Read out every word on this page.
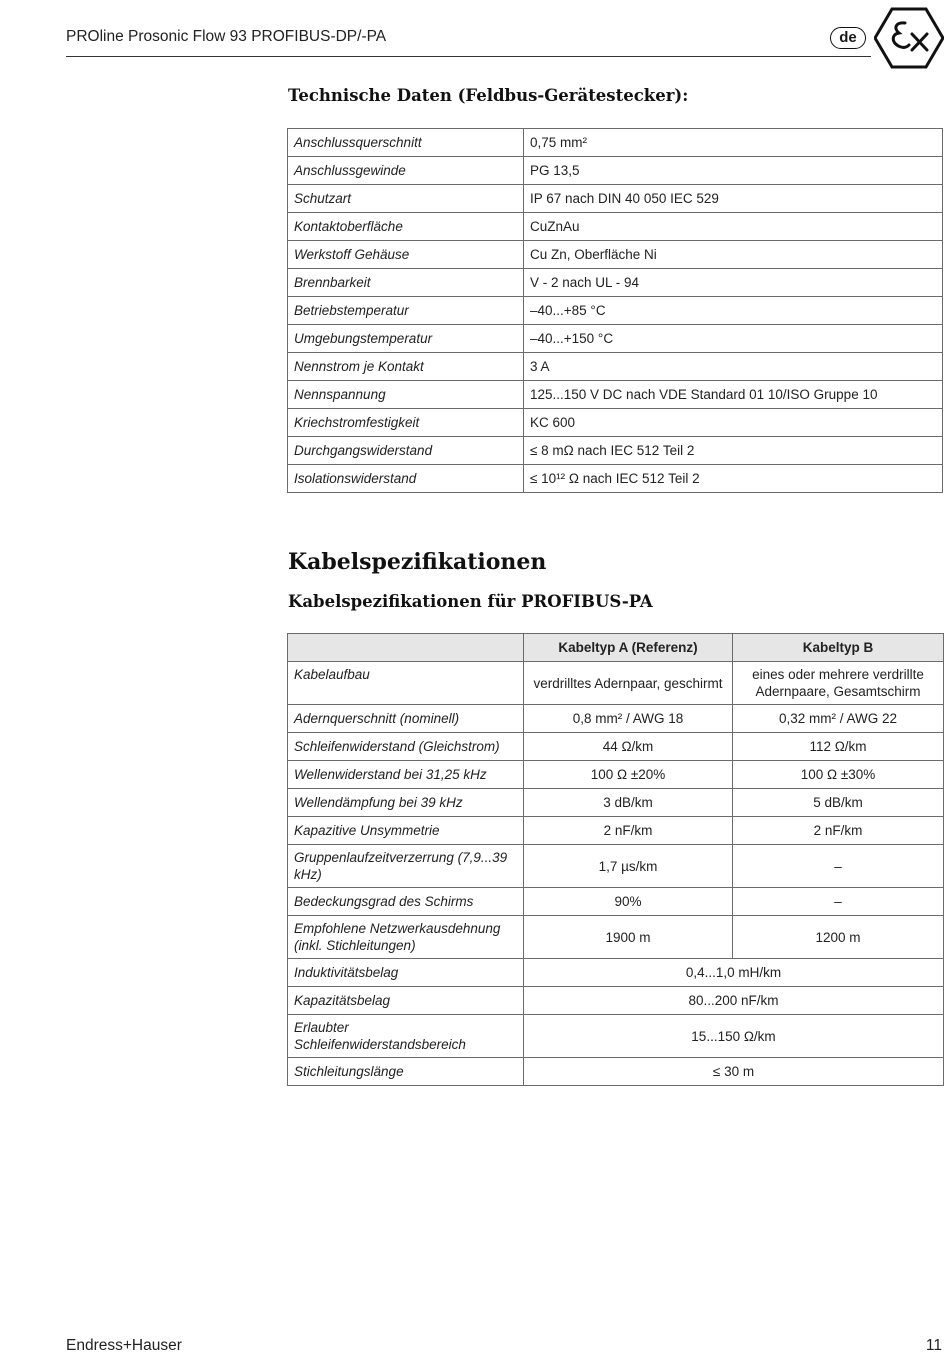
PROline Prosonic Flow 93 PROFIBUS-DP/-PA	de
Technische Daten (Feldbus-Gerätestecker):
Anschlussquerschnitt	0,75 mm²
Anschlussgewinde	PG 13,5
Schutzart	IP 67 nach DIN 40 050 IEC 529
Kontaktoberfläche	CuZnAu
Werkstoff Gehäuse	Cu Zn, Oberfläche Ni
Brennbarkeit	V - 2 nach UL - 94
Betriebstemperatur	–40...+85 °C
Umgebungstemperatur	–40...+150 °C
Nennstrom je Kontakt	3 A
Nennspannung	125...150 V DC nach VDE Standard 01 10/ISO Gruppe 10
Kriechstromfestigkeit	KC 600
Durchgangswiderstand	≤ 8 mΩ nach IEC 512 Teil 2
Isolationswiderstand	≤ 10¹² Ω nach IEC 512 Teil 2
Kabelspezifikationen
Kabelspezifikationen für PROFIBUS-PA
	Kabeltyp A (Referenz)	Kabeltyp B
Kabelaufbau	verdrilltes Adernpaar, geschirmt	eines oder mehrere verdrillte Adernpaare, Gesamtschirm
Adernquerschnitt (nominell)	0,8 mm² / AWG 18	0,32 mm² / AWG 22
Schleifenwiderstand (Gleichstrom)	44 Ω/km	112 Ω/km
Wellenwiderstand bei 31,25 kHz	100 Ω ±20%	100 Ω ±30%
Wellendämpfung bei 39 kHz	3 dB/km	5 dB/km
Kapazitive Unsymmetrie	2 nF/km	2 nF/km
Gruppenlaufzeitverzerrung (7,9...39 kHz)	1,7 µs/km	–
Bedeckungsgrad des Schirms	90%	–
Empfohlene Netzwerkausdehnung (inkl. Stichleitungen)	1900 m	1200 m
Induktivitätsbelag	0,4...1,0 mH/km	
Kapazitätsbelag	80...200 nF/km	
Erlaubter Schleifenwiderstandsbereich	15...150 Ω/km	
Stichleitungslänge	≤ 30 m	
Endress+Hauser	11
